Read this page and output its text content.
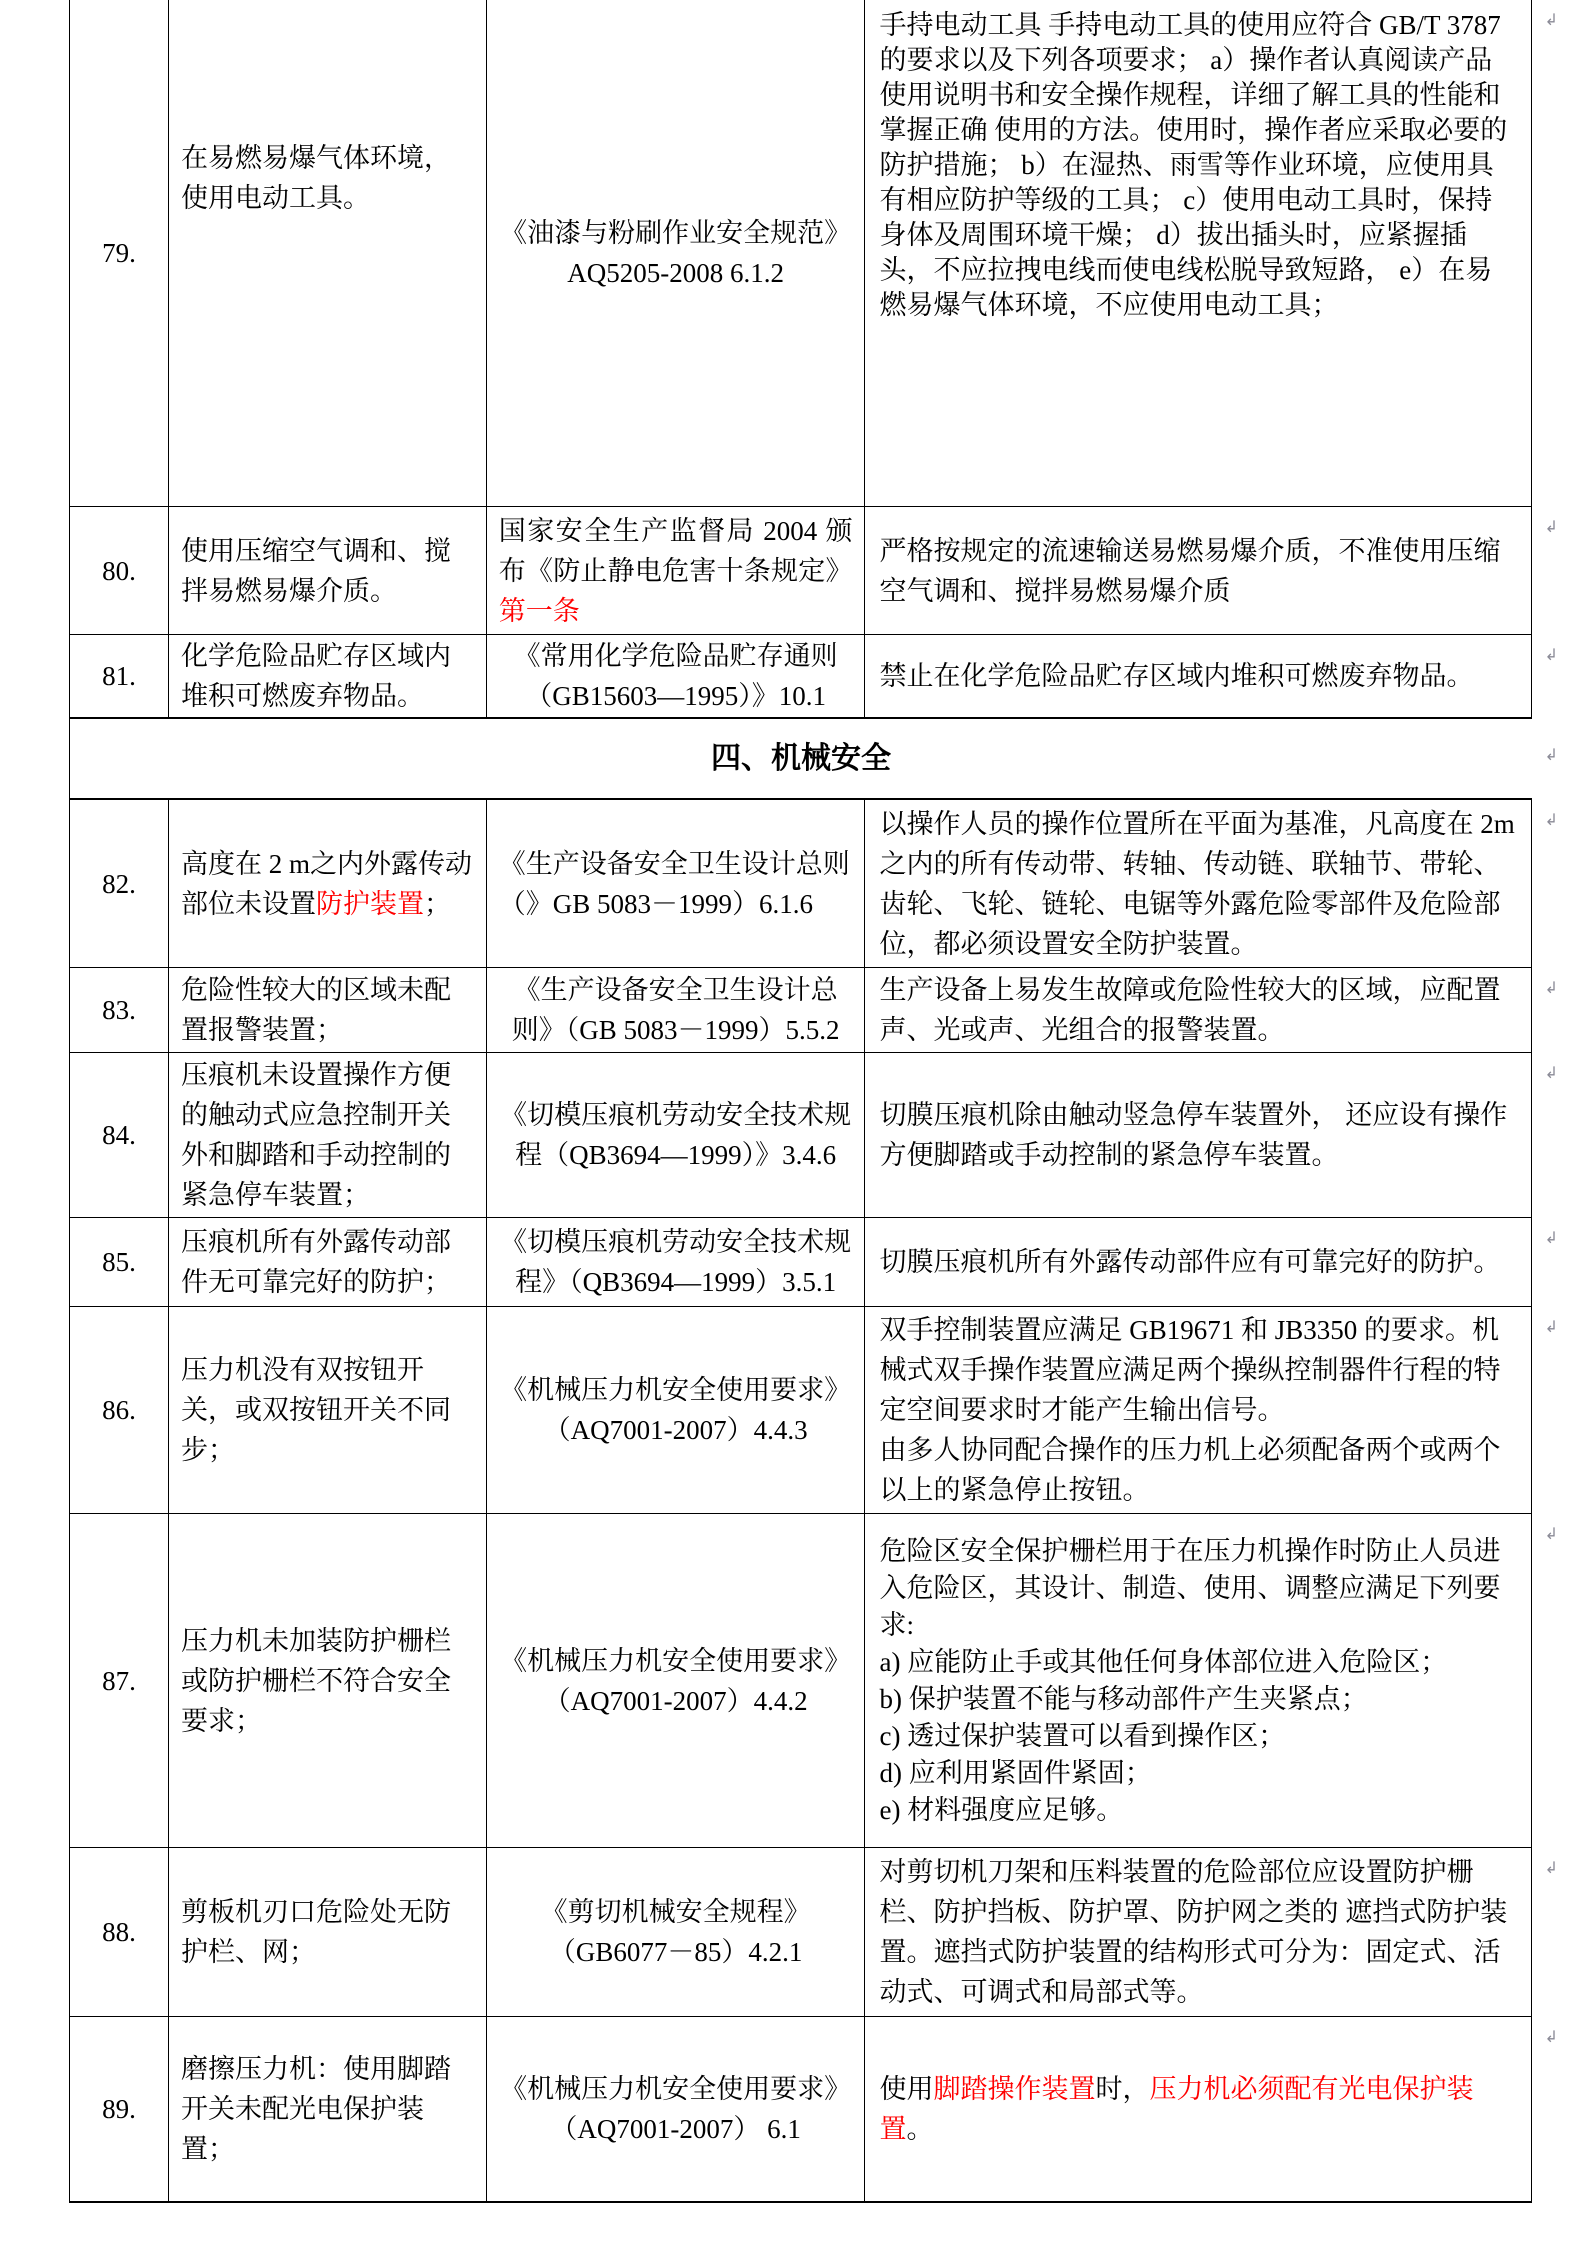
79.

在易燃易爆气体环境，使用电动工具。

《油漆与粉刷作业安全规范》AQ5205-2008 6.1.2

手持电动工具 手持电动工具的使用应符合 GB/T 3787 的要求以及下列各项要求； a）操作者认真阅读产品使用说明书和安全操作规程，详细了解工具的性能和掌握正确 使用的方法。使用时，操作者应采取必要的防护措施； b）在湿热、雨雪等作业环境，应使用具有相应防护等级的工具； c）使用电动工具时，保持身体及周围环境干燥； d）拔出插头时，应紧握插头，不应拉拽电线而使电线松脱导致短路， e）在易燃易爆气体环境，不应使用电动工具；

↲

80.

使用压缩空气调和、搅拌易燃易爆介质。

国家安全生产监督局 2004 颁布《防止静电危害十条规定》第一条

严格按规定的流速输送易燃易爆介质，不准使用压缩空气调和、搅拌易燃易爆介质

↲

81.

化学危险品贮存区域内堆积可燃废弃物品。

《常用化学危险品贮存通则（GB15603—1995）》10.1

禁止在化学危险品贮存区域内堆积可燃废弃物品。

↲
四、机械安全	↲

82.

高度在 2 m之内外露传动部位未设置防护装置；

《生产设备安全卫生设计总则（》GB 5083－1999）6.1.6

以操作人员的操作位置所在平面为基准，凡高度在 2m 之内的所有传动带、转轴、传动链、联轴节、带轮、齿轮、飞轮、链轮、电锯等外露危险零部件及危险部位，都必须设置安全防护装置。

↲

83.

危险性较大的区域未配置报警装置；

《生产设备安全卫生设计总则》（GB 5083－1999）5.5.2

生产设备上易发生故障或危险性较大的区域，应配置声、光或声、光组合的报警装置。

↲

84.

压痕机未设置操作方便的触动式应急控制开关外和脚踏和手动控制的紧急停车装置；

《切模压痕机劳动安全技术规程（QB3694—1999）》3.4.6

切膜压痕机除由触动竖急停车装置外， 还应设有操作方便脚踏或手动控制的紧急停车装置。

↲

85.

压痕机所有外露传动部件无可靠完好的防护；

《切模压痕机劳动安全技术规程》（QB3694—1999）3.5.1

切膜压痕机所有外露传动部件应有可靠完好的防护。

↲

86.

压力机没有双按钮开关，或双按钮开关不同步；

《机械压力机安全使用要求》（AQ7001-2007）4.4.3

双手控制装置应满足 GB19671 和 JB3350 的要求。机械式双手操作装置应满足两个操纵控制器件行程的特定空间要求时才能产生输出信号。

由多人协同配合操作的压力机上必须配备两个或两个以上的紧急停止按钮。

↲

87.

压力机未加装防护栅栏或防护栅栏不符合安全要求；

《机械压力机安全使用要求》（AQ7001-2007）4.4.2

危险区安全保护栅栏用于在压力机操作时防止人员进入危险区，其设计、制造、使用、调整应满足下列要求:

a) 应能防止手或其他任何身体部位进入危险区；

b) 保护装置不能与移动部件产生夹紧点；

c) 透过保护装置可以看到操作区；

d) 应利用紧固件紧固；

e) 材料强度应足够。

↲

88.

剪板机刃口危险处无防护栏、网；

《剪切机械安全规程》（GB6077－85）4.2.1

对剪切机刀架和压料装置的危险部位应设置防护栅栏、防护挡板、防护罩、防护网之类的 遮挡式防护装置。遮挡式防护装置的结构形式可分为：固定式、活动式、可调式和局部式等。

↲

89.

磨擦压力机：使用脚踏开关未配光电保护装置；

《机械压力机安全使用要求》（AQ7001-2007） 6.1

使用脚踏操作装置时，压力机必须配有光电保护装置。

↲
